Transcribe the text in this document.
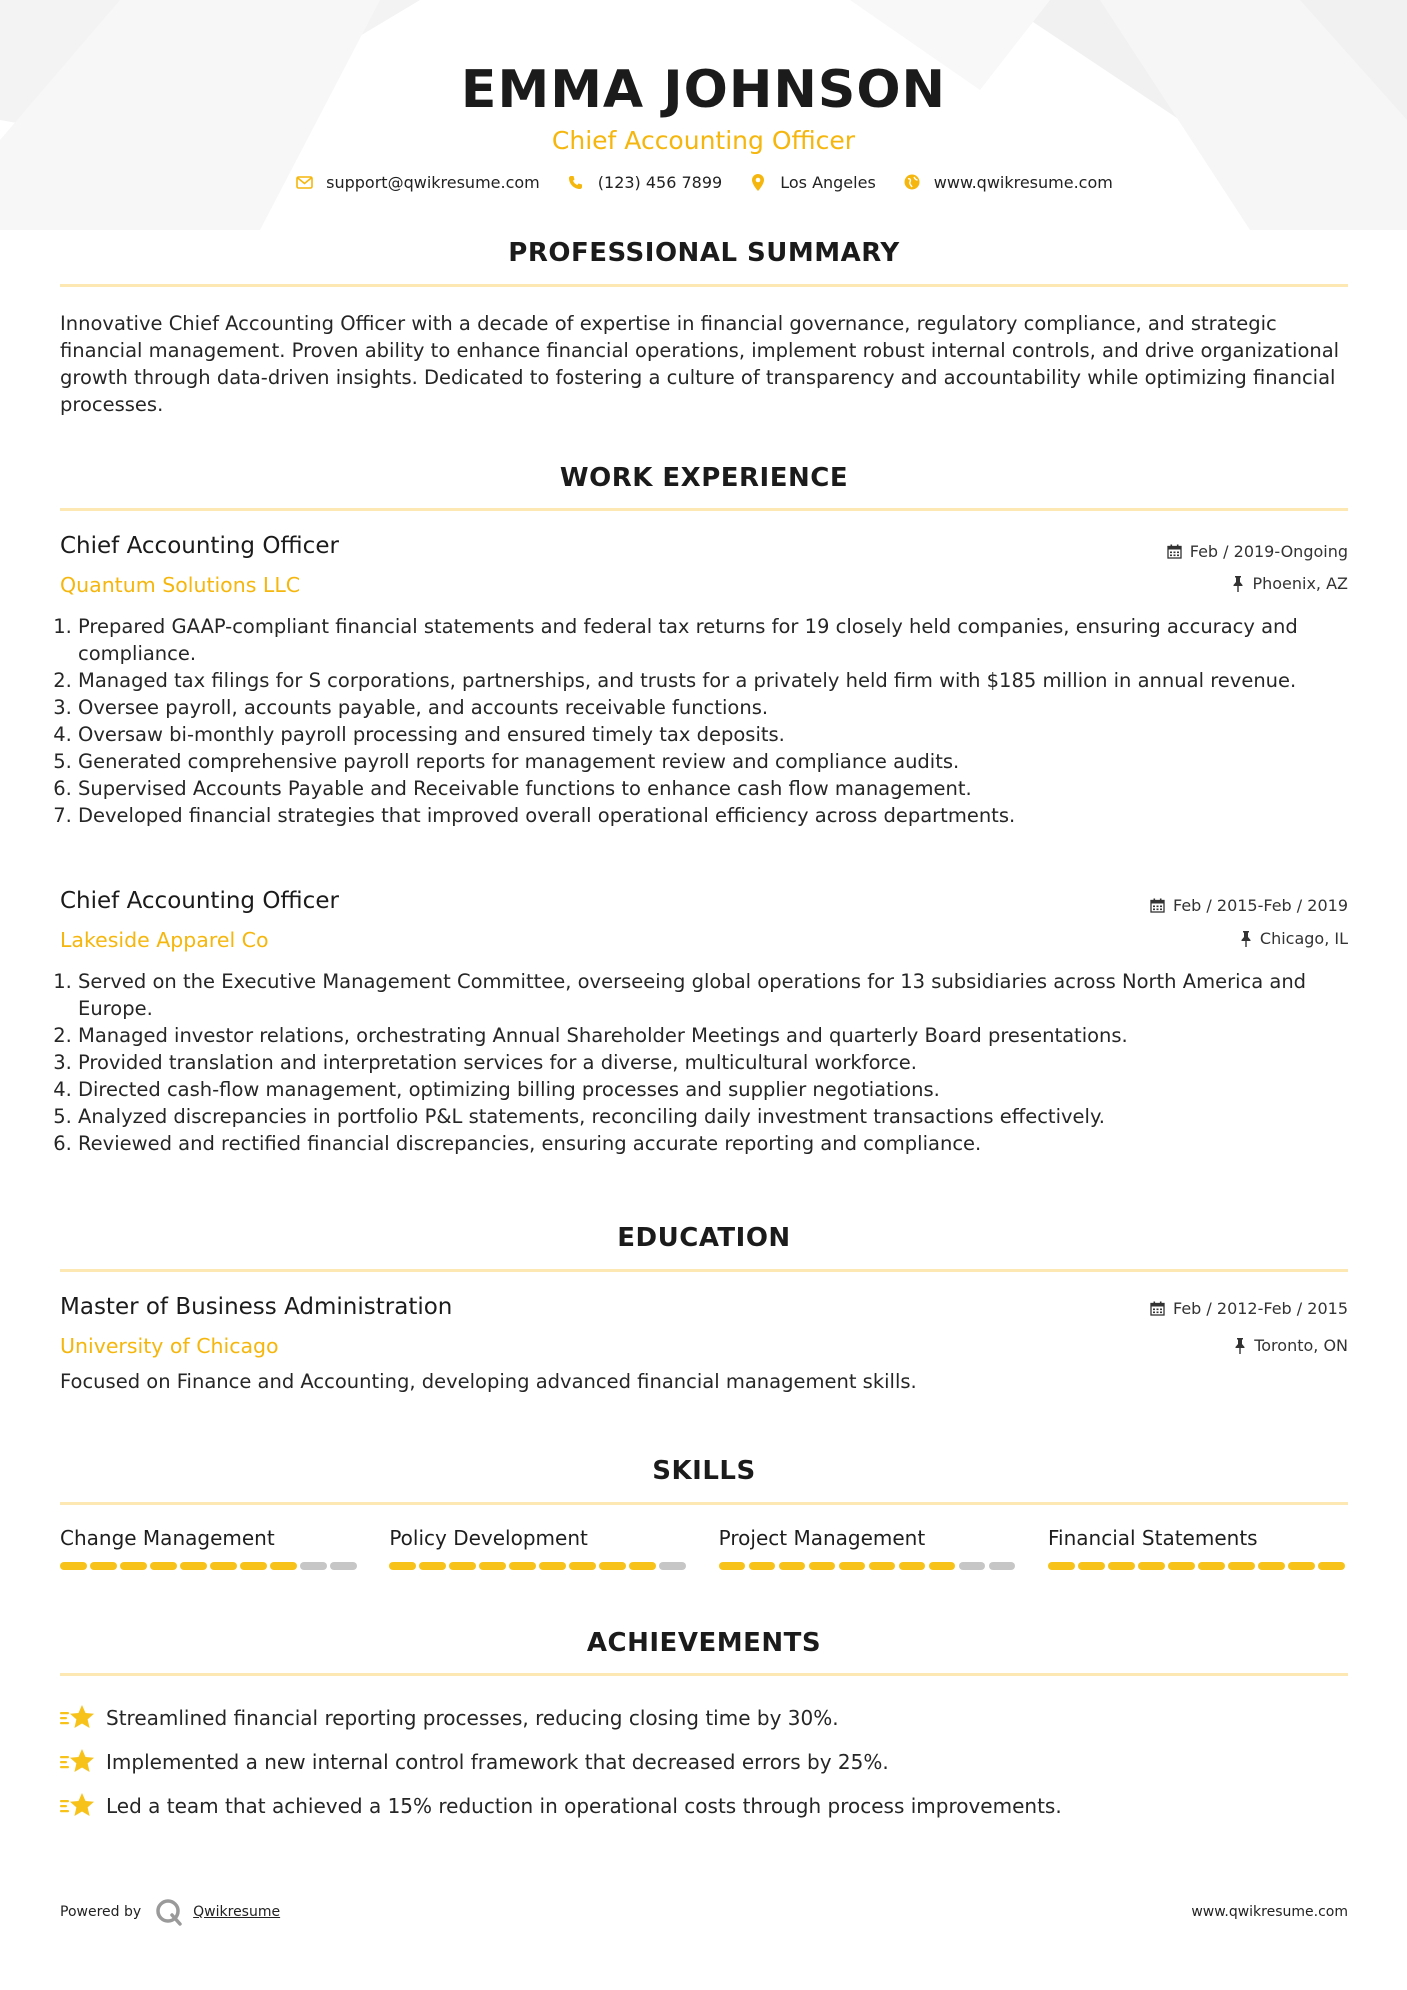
EMMA JOHNSON
Chief Accounting Officer
support@qwikresume.com	(123) 456 7899	Los Angeles	www.qwikresume.com
PROFESSIONAL SUMMARY
Innovative Chief Accounting Officer with a decade of expertise in financial governance, regulatory compliance, and strategic financial management. Proven ability to enhance financial operations, implement robust internal controls, and drive organizational growth through data-driven insights. Dedicated to fostering a culture of transparency and accountability while optimizing financial processes.
WORK EXPERIENCE
Chief Accounting Officer
Quantum Solutions LLC
Feb / 2019-Ongoing
Phoenix, AZ
1. Prepared GAAP-compliant financial statements and federal tax returns for 19 closely held companies, ensuring accuracy and compliance.
2. Managed tax filings for S corporations, partnerships, and trusts for a privately held firm with $185 million in annual revenue.
3. Oversee payroll, accounts payable, and accounts receivable functions.
4. Oversaw bi-monthly payroll processing and ensured timely tax deposits.
5. Generated comprehensive payroll reports for management review and compliance audits.
6. Supervised Accounts Payable and Receivable functions to enhance cash flow management.
7. Developed financial strategies that improved overall operational efficiency across departments.
Chief Accounting Officer
Lakeside Apparel Co
Feb / 2015-Feb / 2019
Chicago, IL
1. Served on the Executive Management Committee, overseeing global operations for 13 subsidiaries across North America and Europe.
2. Managed investor relations, orchestrating Annual Shareholder Meetings and quarterly Board presentations.
3. Provided translation and interpretation services for a diverse, multicultural workforce.
4. Directed cash-flow management, optimizing billing processes and supplier negotiations.
5. Analyzed discrepancies in portfolio P&L statements, reconciling daily investment transactions effectively.
6. Reviewed and rectified financial discrepancies, ensuring accurate reporting and compliance.
EDUCATION
Master of Business Administration
University of Chicago
Feb / 2012-Feb / 2015
Toronto, ON
Focused on Finance and Accounting, developing advanced financial management skills.
SKILLS
Change Management	Policy Development	Project Management	Financial Statements
ACHIEVEMENTS
Streamlined financial reporting processes, reducing closing time by 30%.
Implemented a new internal control framework that decreased errors by 25%.
Led a team that achieved a 15% reduction in operational costs through process improvements.
Powered by	Qwikresume	www.qwikresume.com
